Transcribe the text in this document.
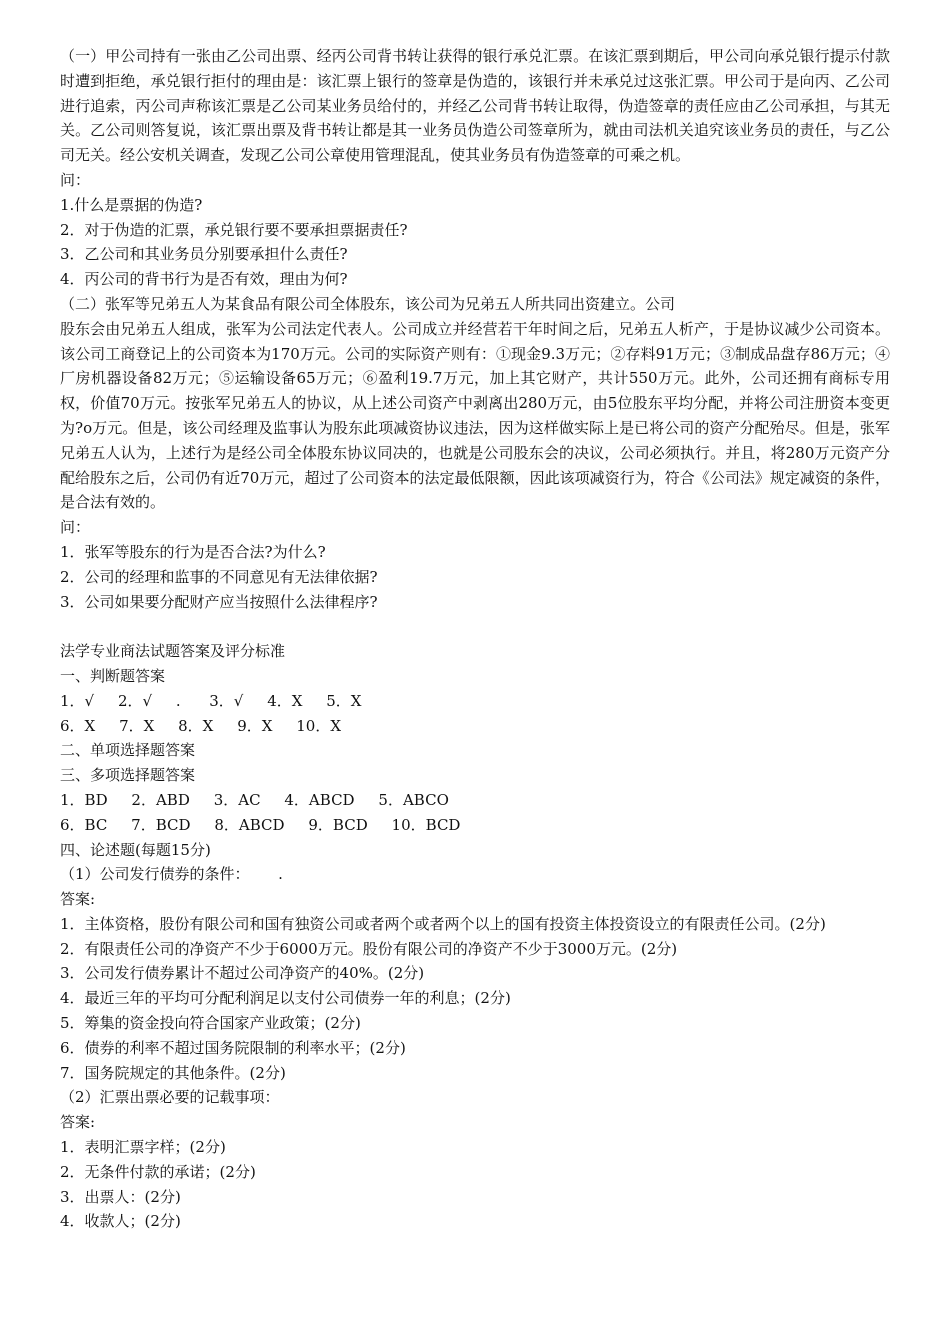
（一）甲公司持有一张由乙公司出票、经丙公司背书转让获得的银行承兑汇票。在该汇票到期后，甲公司向承兑银行提示付款时遭到拒绝，承兑银行拒付的理由是：该汇票上银行的签章是伪造的，该银行并未承兑过这张汇票。甲公司于是向丙、乙公司进行追索，丙公司声称该汇票是乙公司某业务员给付的，并经乙公司背书转让取得，伪造签章的责任应由乙公司承担，与其无关。乙公司则答复说，该汇票出票及背书转让都是其一业务员伪造公司签章所为，就由司法机关追究该业务员的责任，与乙公司无关。经公安机关调查，发现乙公司公章使用管理混乱，使其业务员有伪造签章的可乘之机。

问：

1.什么是票据的伪造?

2．对于伪造的汇票，承兑银行要不要承担票据责任?

3．乙公司和其业务员分别要承担什么责任?

4．丙公司的背书行为是否有效，理由为何?

（二）张军等兄弟五人为某食品有限公司全体股东，该公司为兄弟五人所共同出资建立。公司

股东会由兄弟五人组成，张军为公司法定代表人。公司成立并经营若干年时间之后，兄弟五人析产，于是协议减少公司资本。该公司工商登记上的公司资本为170万元。公司的实际资产则有：①现金9.3万元；②存料91万元；③制成品盘存86万元；④厂房机器设备82万元；⑤运输设备65万元；⑥盈利19.7万元，加上其它财产，共计550万元。此外，公司还拥有商标专用权，价值70万元。按张军兄弟五人的协议，从上述公司资产中剥离出280万元，由5位股东平均分配，并将公司注册资本变更为?o万元。但是，该公司经理及监事认为股东此项减资协议违法，因为这样做实际上是已将公司的资产分配殆尽。但是，张军兄弟五人认为，上述行为是经公司全体股东协议同决的，也就是公司股东会的决议，公司必须执行。并且，将280万元资产分配给股东之后，公司仍有近70万元，超过了公司资本的法定最低限额，因此该项减资行为，符合《公司法》规定减资的条件，是合法有效的。

问：

1．张军等股东的行为是否合法?为什么?

2．公司的经理和监事的不同意见有无法律依据?

3．公司如果要分配财产应当按照什么法律程序?

法学专业商法试题答案及评分标准

一、判断题答案

1．√     2．√     .      3．√     4．X     5．X

6．X     7．X     8．X     9．X     10．X

二、单项选择题答案

三、多项选择题答案

1．BD     2．ABD     3．AC     4．ABCD     5．ABCO

6．BC     7．BCD     8．ABCD     9．BCD     10．BCD

四、论述题(每题15分)

（1）公司发行债券的条件：      .

答案:

1．主体资格，股份有限公司和国有独资公司或者两个或者两个以上的国有投资主体投资设立的有限责任公司。(2分)

2．有限责任公司的净资产不少于6000万元。股份有限公司的净资产不少于3000万元。(2分)

3．公司发行债券累计不超过公司净资产的40%。(2分)

4．最近三年的平均可分配利润足以支付公司债券一年的利息；(2分)

5．筹集的资金投向符合国家产业政策；(2分)

6．债券的利率不超过国务院限制的利率水平；(2分)

7．国务院规定的其他条件。(2分)

（2）汇票出票必要的记载事项：

答案:

1．表明汇票字样；(2分)

2．无条件付款的承诺；(2分)

3．出票人：(2分)

4．收款人；(2分)
